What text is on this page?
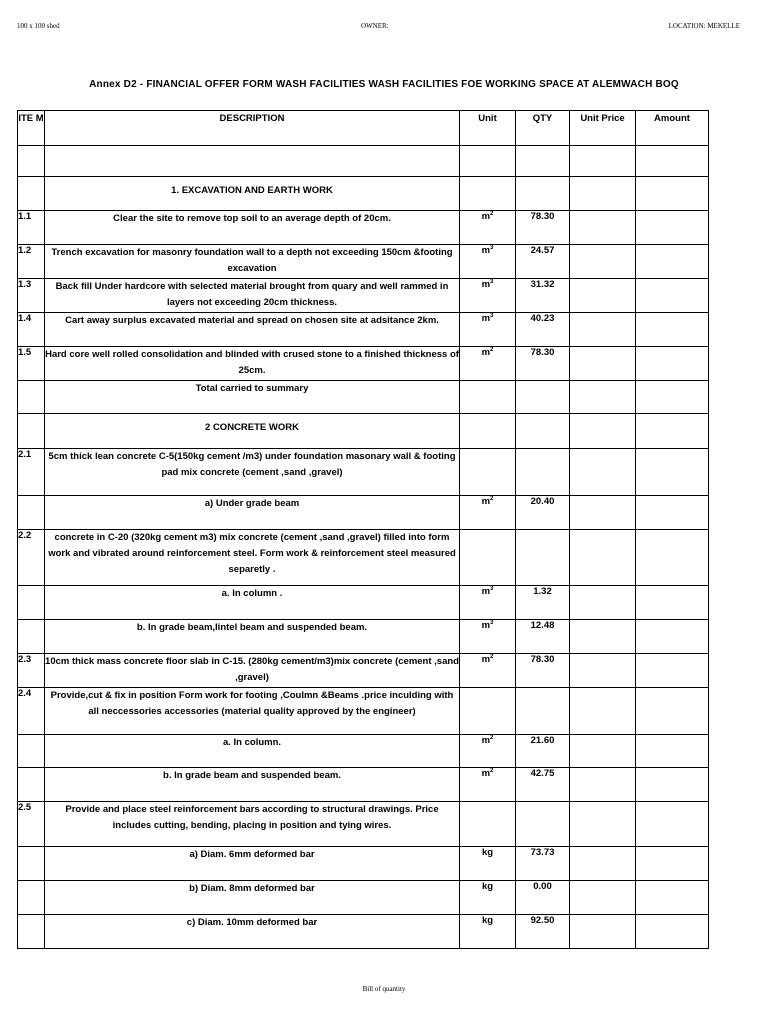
100 x 100 shed	OWNER:	LOCATION: MEKELLE
Annex D2 - FINANCIAL OFFER FORM WASH FACILITIES WASH FACILITIES FOE WORKING SPACE AT ALEMWACH BOQ
ITE M	DESCRIPTION	Unit	QTY	Unit Price	Amount

	1. EXCAVATION AND EARTH WORK				
1.1	Clear the site to remove top soil to an average depth of 20cm.	$m^2$	78.30		
1.2	Trench excavation for masonry foundation wall to a depth not exceeding 150cm &footing excavation	$m^3$	24.57		
1.3	Back fill Under hardcore with selected material brought from quary and well rammed in layers not exceeding 20cm thickness.	$m^3$	31.32		
1.4	Cart away surplus excavated material and spread on chosen site at adsitance 2km.	$m^3$	40.23		
1.5	Hard core well rolled consolidation and blinded with crused stone to a finished thickness of 25cm.	$m^2$	78.30		
	Total carried to summary				
	2 CONCRETE WORK				
2.1	5cm thick lean concrete C-5(150kg cement /m3) under foundation masonary wall & footing pad mix concrete (cement ,sand ,gravel)				
	a) Under grade beam	$m^2$	20.40		
2.2	concrete in C-20 (320kg cement m3) mix concrete (cement ,sand ,gravel) filled into form work and vibrated around reinforcement steel. Form work & reinforcement steel measured separetly .				
	a. In column .	$m^3$	1.32		
	b. In grade beam,lintel beam and suspended beam.	$m^3$	12.48		
2.3	10cm thick mass concrete floor slab in C-15. (280kg cement/m3)mix concrete (cement ,sand ,gravel)	$m^2$	78.30		
2.4	Provide,cut & fix in position Form work for footing ,Coulmn &Beams .price inculding with all neccessories accessories (material quality approved by the engineer)				
	a. In column.	$m^2$	21.60		
	b. In grade beam and suspended beam.	$m^2$	42.75		
2.5	Provide and place steel reinforcement bars according to structural drawings. Price includes cutting, bending, placing in position and tying wires.				
	a) Diam. 6mm deformed bar	kg	73.73		
	b) Diam. 8mm deformed bar	kg	0.00		
	c) Diam. 10mm deformed bar	kg	92.50		
Bill of quantity
